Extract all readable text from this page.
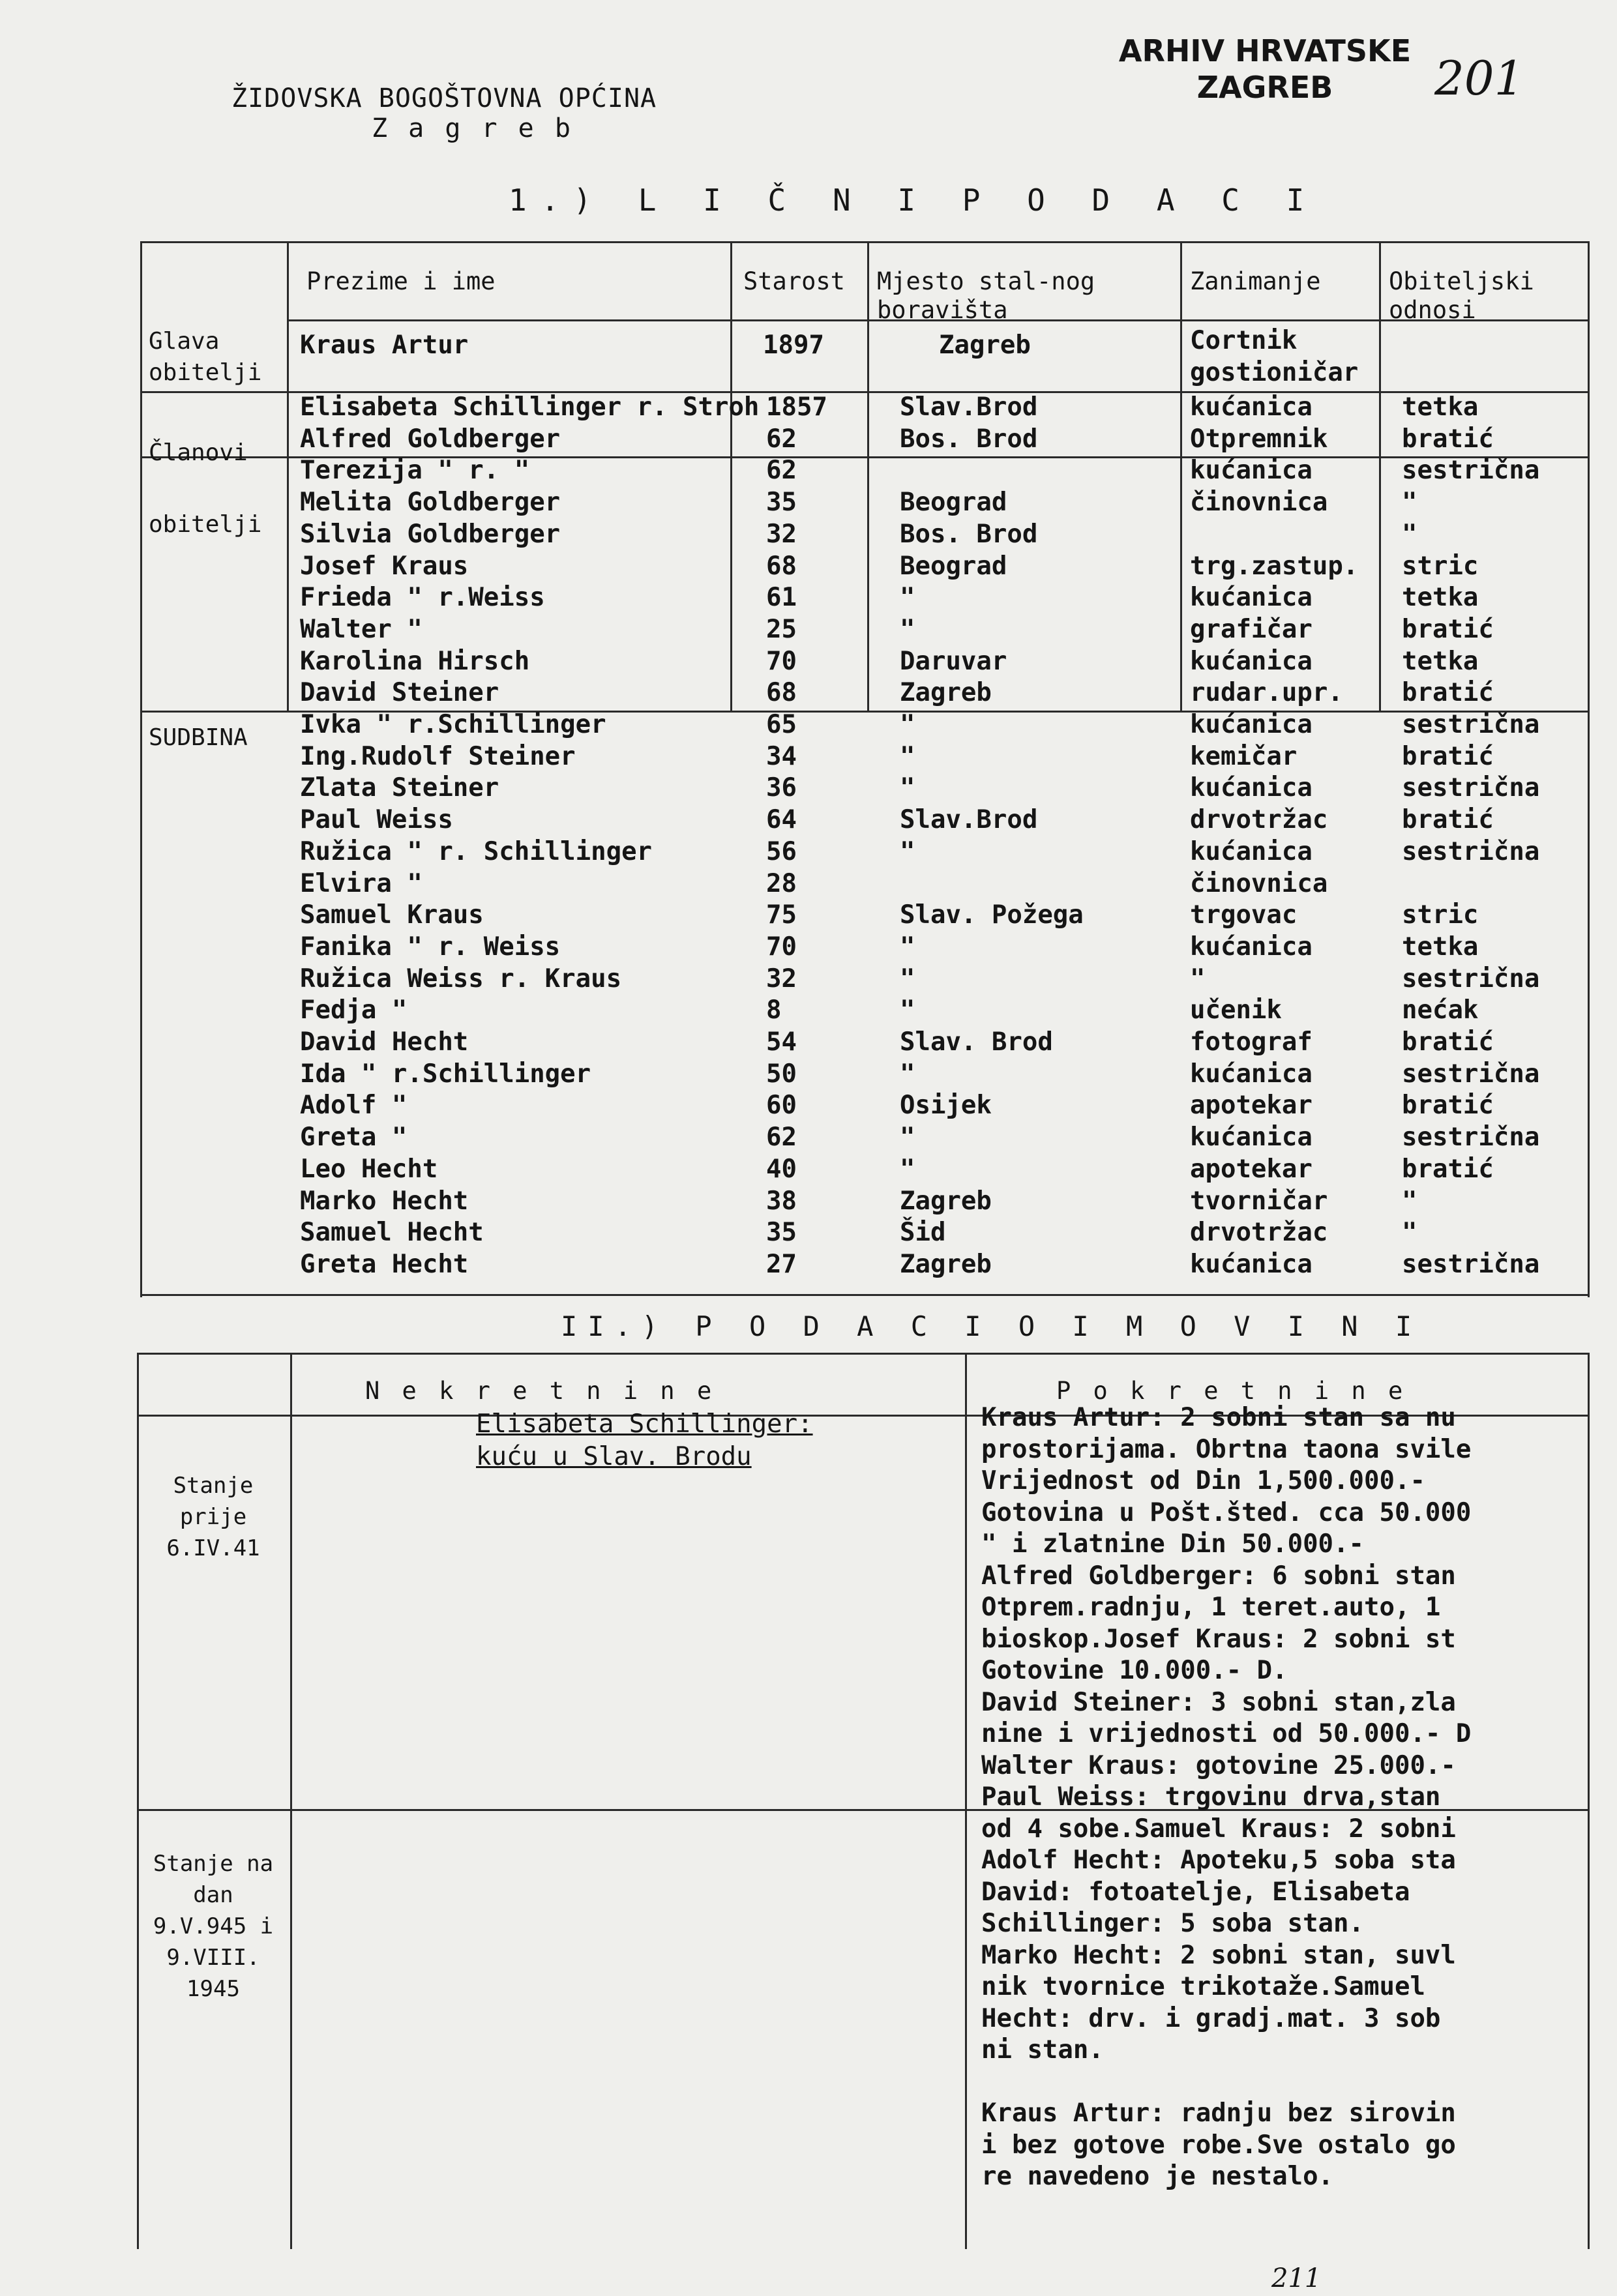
ŽIDOVSKA BOGOŠTOVNA OPĆINA
Z a g r e b
ARHIV HRVATSKE
ZAGREB	201
1.) L I Č N I P O D A C I
Prezime i ime	Starost Mjesto stal-nog boravišta
Zanimanje	Obiteljski odnosi
Glava obitelji
Članovi obitelji
SUDBINA
Kraus Artur	1897	Zagreb	Cortnik gostioničar
Elisabeta Schillinger r. Stroh 1857	Slav.Brod	kućanica	tetka
Alfred Goldberger	62	Bos. Brod	Otpremnik	bratić
Terezija " r. "	62	kućanica	sestrična
Melita Goldberger	35	Beograd	činovnica	"
Silvia Goldberger	32	Bos. Brod	"
Josef Kraus	68	Beograd	trg.zastup. stric
Frieda " r.Weiss	61	"	kućanica	tetka
Walter "	25	"	grafičar	bratić
Karolina Hirsch	70	Daruvar	kućanica	tetka
David Steiner	68	Zagreb	rudar.upr. bratić
Ivka " r.Schillinger	65	"	kućanica	sestrična
Ing.Rudolf Steiner	34	"	kemičar	bratić
Zlata Steiner	36	"	kućanica	sestrična
Paul Weiss	64	Slav.Brod	drvotržac	bratić
Ružica " r. Schillinger	56	"	kućanica	sestrična
Elvira "	28	činovnica
Samuel Kraus	75	Slav. Požega	trgovac	stric
Fanika " r. Weiss	70	"	kućanica	tetka
Ružica Weiss r. Kraus	32	"	"	sestrična
Fedja "	8	"	učenik	nećak
David Hecht	54	Slav. Brod	fotograf	bratić
Ida " r.Schillinger	50	"	kućanica	sestrična
Adolf "	60	Osijek	apotekar	bratić
Greta "	62	"	kućanica	sestrična
Leo Hecht	40	"	apotekar	bratić
Marko Hecht	38	Zagreb	tvorničar	"
Samuel Hecht	35	Šid	drvotržac	"
Greta Hecht	27	Zagreb	kućanica	sestrična
II.) P O D A C I O I M O V I N I
N e k r e t n i n e	P o k r e t n i n e
Stanje prije 6.IV.41
Stanje na dan 9.V.945 i 9.VIII. 1945
Elisabeta Schillinger:
kuću u Slav. Brodu
Kraus Artur: 2 sobni stan sa nu
prostorijama. Obrtna taona svile
Vrijednost od Din 1,500.000.-
Gotovina u Pošt.šted. cca 50.000
" i zlatnine Din 50.000.-
Alfred Goldberger: 6 sobni stan
Otprem.radnju, 1 teret.auto, 1
bioskop.Josef Kraus: 2 sobni st
Gotovine 10.000.- D.
David Steiner: 3 sobni stan,zla
nine i vrijednosti od 50.000.- D
Walter Kraus: gotovine 25.000.-
Paul Weiss: trgovinu drva,stan
od 4 sobe.Samuel Kraus: 2 sobni
Adolf Hecht: Apoteku,5 soba sta
David: fotoatelje, Elisabeta
Schillinger: 5 soba stan.
Marko Hecht: 2 sobni stan, suvl
nik tvornice trikotaže.Samuel
Hecht: drv. i gradj.mat. 3 sob
ni stan.
Kraus Artur: radnju bez sirovin
i bez gotove robe.Sve ostalo go
re navedeno je nestalo.
211
